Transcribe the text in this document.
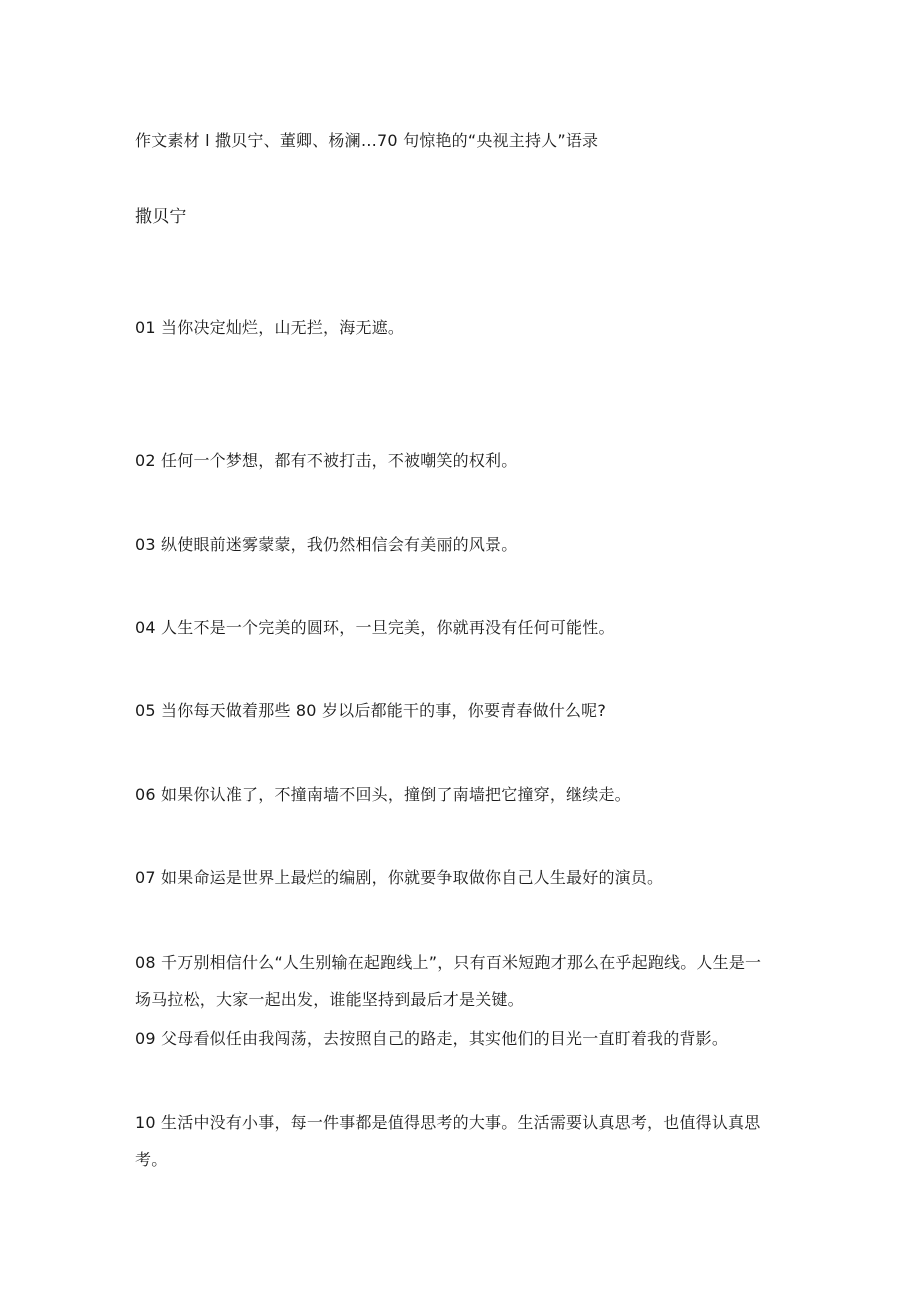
作文素材 l 撒贝宁、董卿、杨澜…70 句惊艳的“央视主持人”语录
撒贝宁
01 当你决定灿烂，山无拦，海无遮。
02 任何一个梦想，都有不被打击，不被嘲笑的权利。
03 纵使眼前迷雾蒙蒙，我仍然相信会有美丽的风景。
04 人生不是一个完美的圆环，一旦完美，你就再没有任何可能性。
05 当你每天做着那些 80 岁以后都能干的事，你要青春做什么呢?
06 如果你认准了，不撞南墙不回头，撞倒了南墙把它撞穿，继续走。
07 如果命运是世界上最烂的编剧，你就要争取做你自己人生最好的演员。
08 千万别相信什么“人生别输在起跑线上”，只有百米短跑才那么在乎起跑线。人生是一场马拉松，大家一起出发，谁能坚持到最后才是关键。
09 父母看似任由我闯荡，去按照自己的路走，其实他们的目光一直盯着我的背影。
10 生活中没有小事，每一件事都是值得思考的大事。生活需要认真思考，也值得认真思考。
